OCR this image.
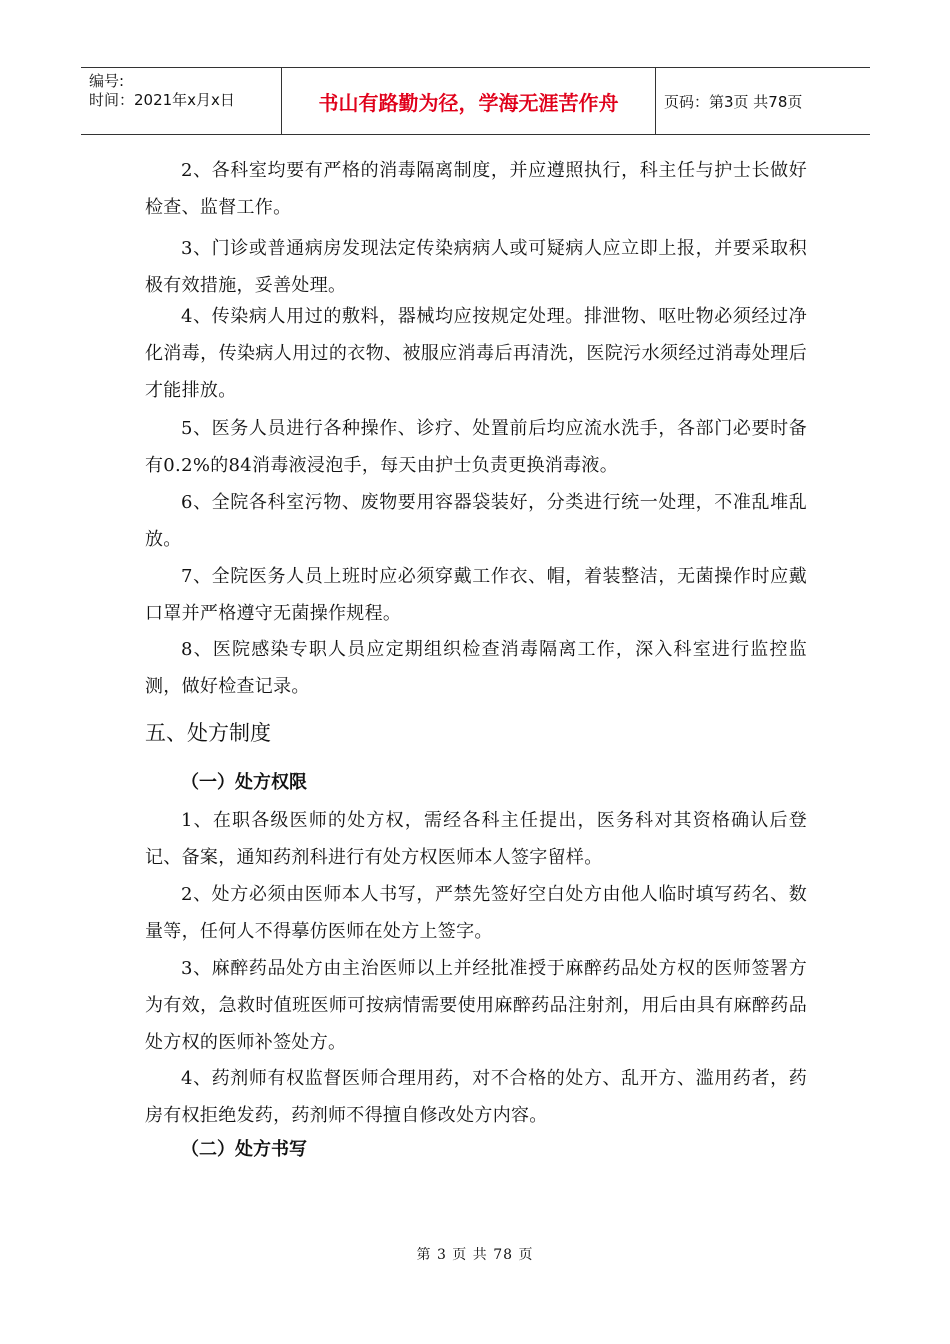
编号:
时间：2021年x月x日	书山有路勤为径，学海无涯苦作舟	页码：第3页 共78页
2、各科室均要有严格的消毒隔离制度，并应遵照执行，科主任与护士长做好检查、监督工作。
3、门诊或普通病房发现法定传染病病人或可疑病人应立即上报，并要采取积极有效措施，妥善处理。
4、传染病人用过的敷料，器械均应按规定处理。排泄物、呕吐物必须经过净化消毒，传染病人用过的衣物、被服应消毒后再清洗，医院污水须经过消毒处理后才能排放。
5、医务人员进行各种操作、诊疗、处置前后均应流水洗手，各部门必要时备有0.2%的84消毒液浸泡手，每天由护士负责更换消毒液。
6、全院各科室污物、废物要用容器袋装好，分类进行统一处理，不准乱堆乱放。
7、全院医务人员上班时应必须穿戴工作衣、帽，着装整洁，无菌操作时应戴口罩并严格遵守无菌操作规程。
8、医院感染专职人员应定期组织检查消毒隔离工作，深入科室进行监控监测，做好检查记录。
五、处方制度
（一）处方权限
1、在职各级医师的处方权，需经各科主任提出，医务科对其资格确认后登记、备案，通知药剂科进行有处方权医师本人签字留样。
2、处方必须由医师本人书写，严禁先签好空白处方由他人临时填写药名、数量等，任何人不得摹仿医师在处方上签字。
3、麻醉药品处方由主治医师以上并经批准授于麻醉药品处方权的医师签署方为有效，急救时值班医师可按病情需要使用麻醉药品注射剂，用后由具有麻醉药品处方权的医师补签处方。
4、药剂师有权监督医师合理用药，对不合格的处方、乱开方、滥用药者，药房有权拒绝发药，药剂师不得擅自修改处方内容。
（二）处方书写
第 3 页 共 78 页
